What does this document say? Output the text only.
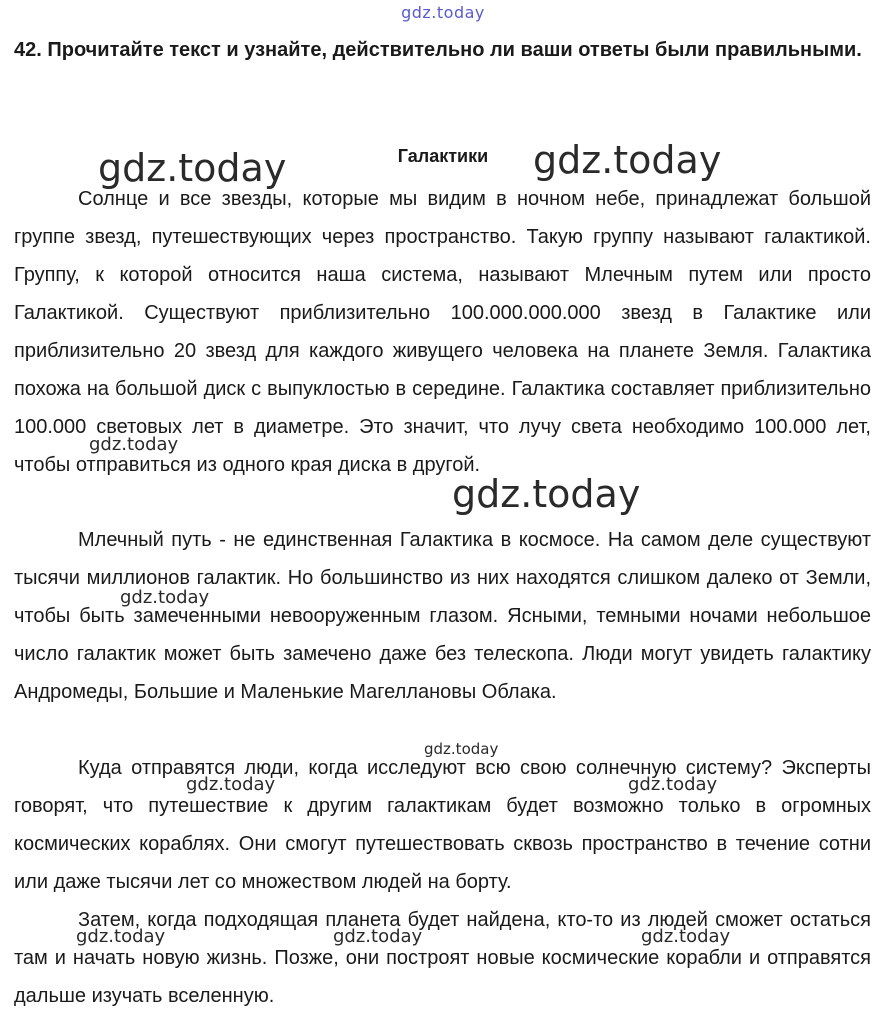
gdz.today
42. Прочитайте текст и узнайте, действительно ли ваши ответы были правильными.
Галактики

Солнце и все звезды, которые мы видим в ночном небе, принадлежат большой группе звезд, путешествующих через пространство. Такую группу называют галактикой. Группу, к которой относится наша система, называют Млечным путем или просто Галактикой. Существуют приблизительно 100.000.000.000 звезд в Галактике или приблизительно 20 звезд для каждого живущего человека на планете Земля. Галактика похожа на большой диск с выпуклостью в середине. Галактика составляет приблизительно 100.000 световых лет в диаметре. Это значит, что лучу света необходимо 100.000 лет, чтобы отправиться из одного края диска в другой.

Млечный путь - не единственная Галактика в космосе. На самом деле существуют тысячи миллионов галактик. Но большинство из них находятся слишком далеко от Земли, чтобы быть замеченными невооруженным глазом. Ясными, темными ночами небольшое число галактик может быть замечено даже без телескопа. Люди могут увидеть галактику Андромеды, Большие и Маленькие Магеллановы Облака.

Куда отправятся люди, когда исследуют всю свою солнечную систему? Эксперты говорят, что путешествие к другим галактикам будет возможно только в огромных космических кораблях. Они смогут путешествовать сквозь пространство в течение сотни или даже тысячи лет со множеством людей на борту.

Затем, когда подходящая планета будет найдена, кто-то из людей сможет остаться там и начать новую жизнь. Позже, они построят новые космические корабли и отправятся дальше изучать вселенную.

gdz.today	gdz.today
gdz.today
gdz.today
gdz.today
gdz.today
gdz.today	gdz.today
gdz.today	gdz.today	gdz.today
